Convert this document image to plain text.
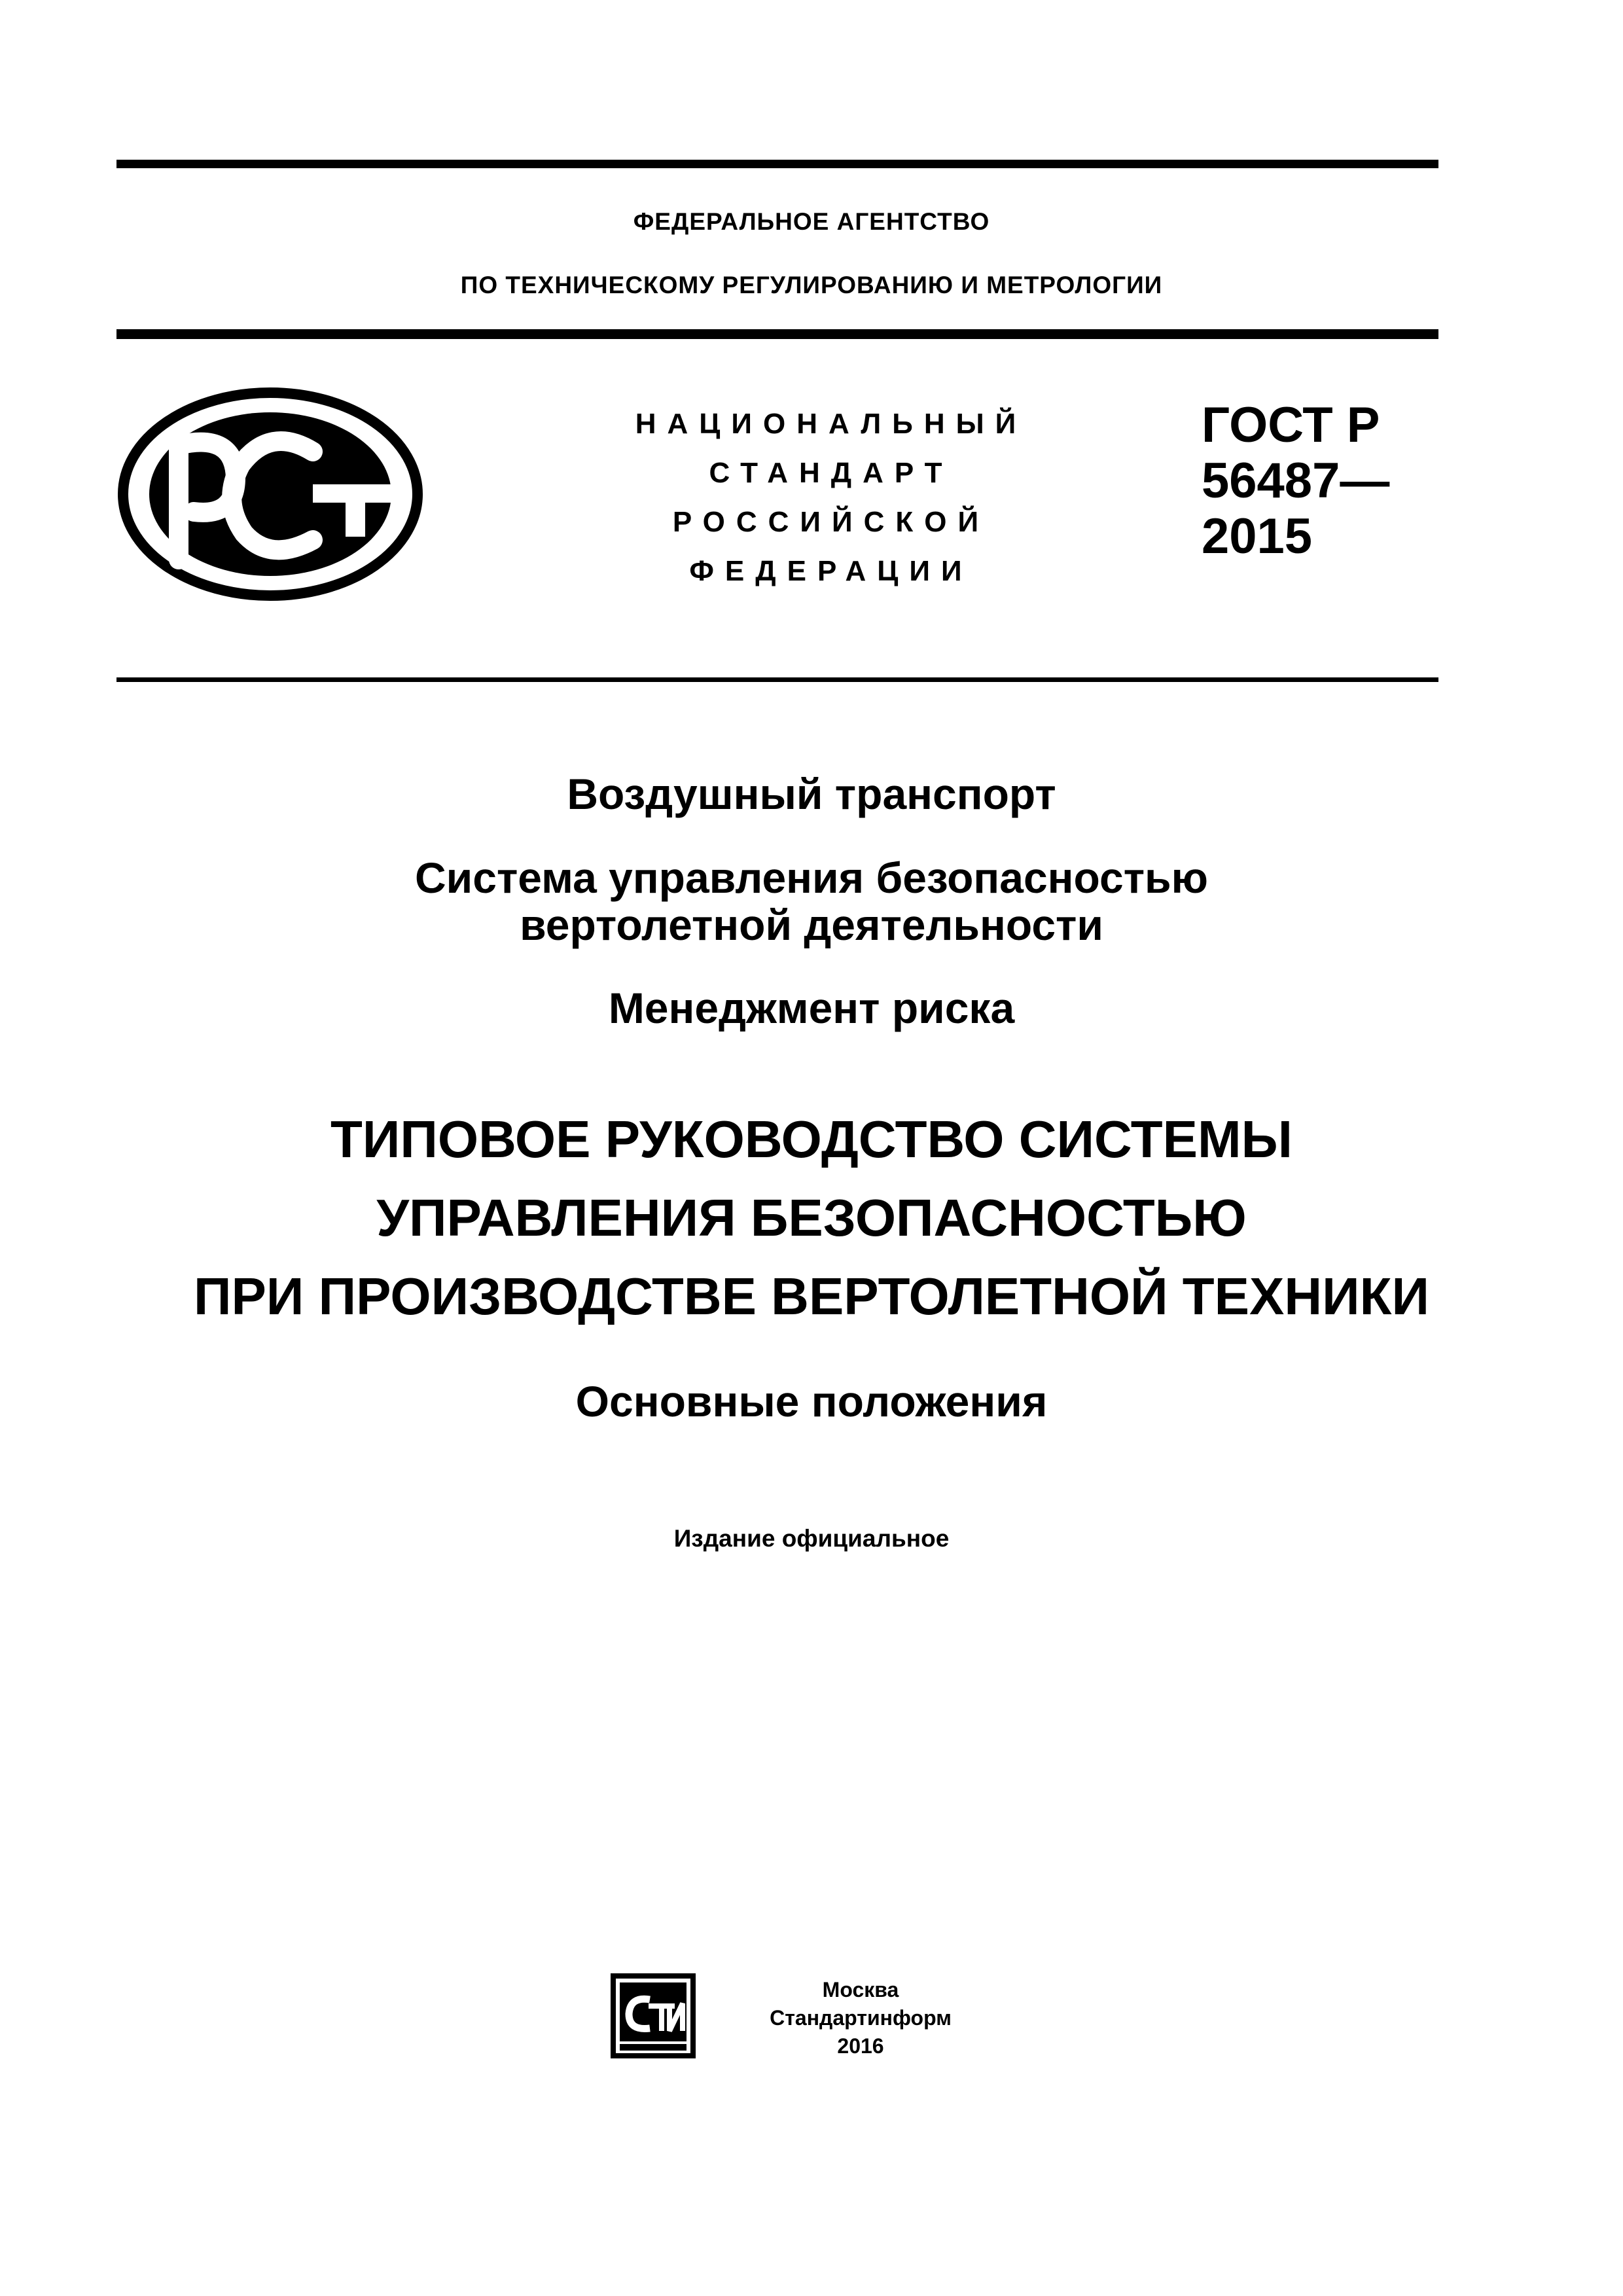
ФЕДЕРАЛЬНОЕ АГЕНТСТВО
ПО ТЕХНИЧЕСКОМУ РЕГУЛИРОВАНИЮ И МЕТРОЛОГИИ
НАЦИОНАЛЬНЫЙ
СТАНДАРТ
РОССИЙСКОЙ
ФЕДЕРАЦИИ
ГОСТ Р
56487—
2015
Воздушный транспорт
Система управления безопасностью
вертолетной деятельности
Менеджмент риска
ТИПОВОЕ РУКОВОДСТВО СИСТЕМЫ
УПРАВЛЕНИЯ БЕЗОПАСНОСТЬЮ
ПРИ ПРОИЗВОДСТВЕ ВЕРТОЛЕТНОЙ ТЕХНИКИ
Основные положения
Издание официальное
Москва
Стандартинформ
2016
